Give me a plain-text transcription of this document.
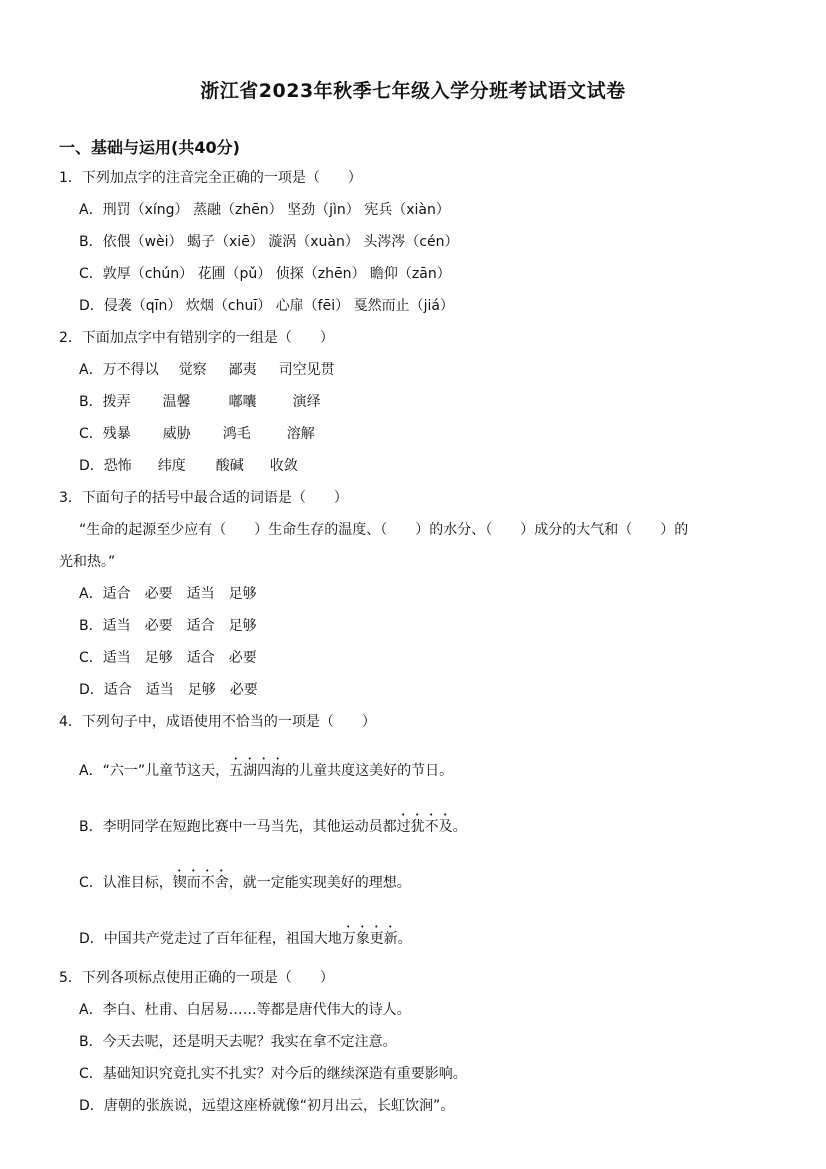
浙江省2023年秋季七年级入学分班考试语文试卷
一、基础与运用(共40分)
1．下列加点字的注音完全正确的一项是（　　）
A．刑罚（xíng） 蒸融（zhēn） 坚劲（jìn） 宪兵（xiàn）
B．依偎（wèi） 蝎子（xiē） 漩涡（xuàn） 头涔涔（cén）
C．敦厚（chún） 花圃（pǔ） 侦探（zhēn） 瞻仰（zān）
D．侵袭（qīn） 炊烟（chuī） 心扉（fēi） 戛然而止（jiá）
2．下面加点字中有错别字的一组是（　　）
A．万不得以 觉察 鄙夷 司空见贯
B．拨弄 温馨	嘟囔	演绎
C．残暴 威胁 鸿毛	溶解
D．恐怖 纬度 酸碱 收敛
3．下面句子的括号中最合适的词语是（　　）
“生命的起源至少应有（　　）生命生存的温度、（　　）的水分、（　　）成分的大气和（　　）的
光和热。”
A．适合 必要 适当 足够
B．适当 必要 适合 足够
C．适当 足够 适合 必要
D．适合 适当 足够 必要
4．下列句子中，成语使用不恰当的一项是（　　）
A．“六一”儿童节这天，五湖四海的儿童共度这美好的节日。
B．李明同学在短跑比赛中一马当先，其他运动员都过犹不及。
C．认准目标，锲而不舍，就一定能实现美好的理想。
D．中国共产党走过了百年征程，祖国大地万象更新。
5．下列各项标点使用正确的一项是（　　）
A．李白、杜甫、白居易……等都是唐代伟大的诗人。
B．今天去呢，还是明天去呢？我实在拿不定注意。
C．基础知识究竟扎实不扎实？对今后的继续深造有重要影响。
D．唐朝的张族说，远望这座桥就像“初月出云，长虹饮涧”。
